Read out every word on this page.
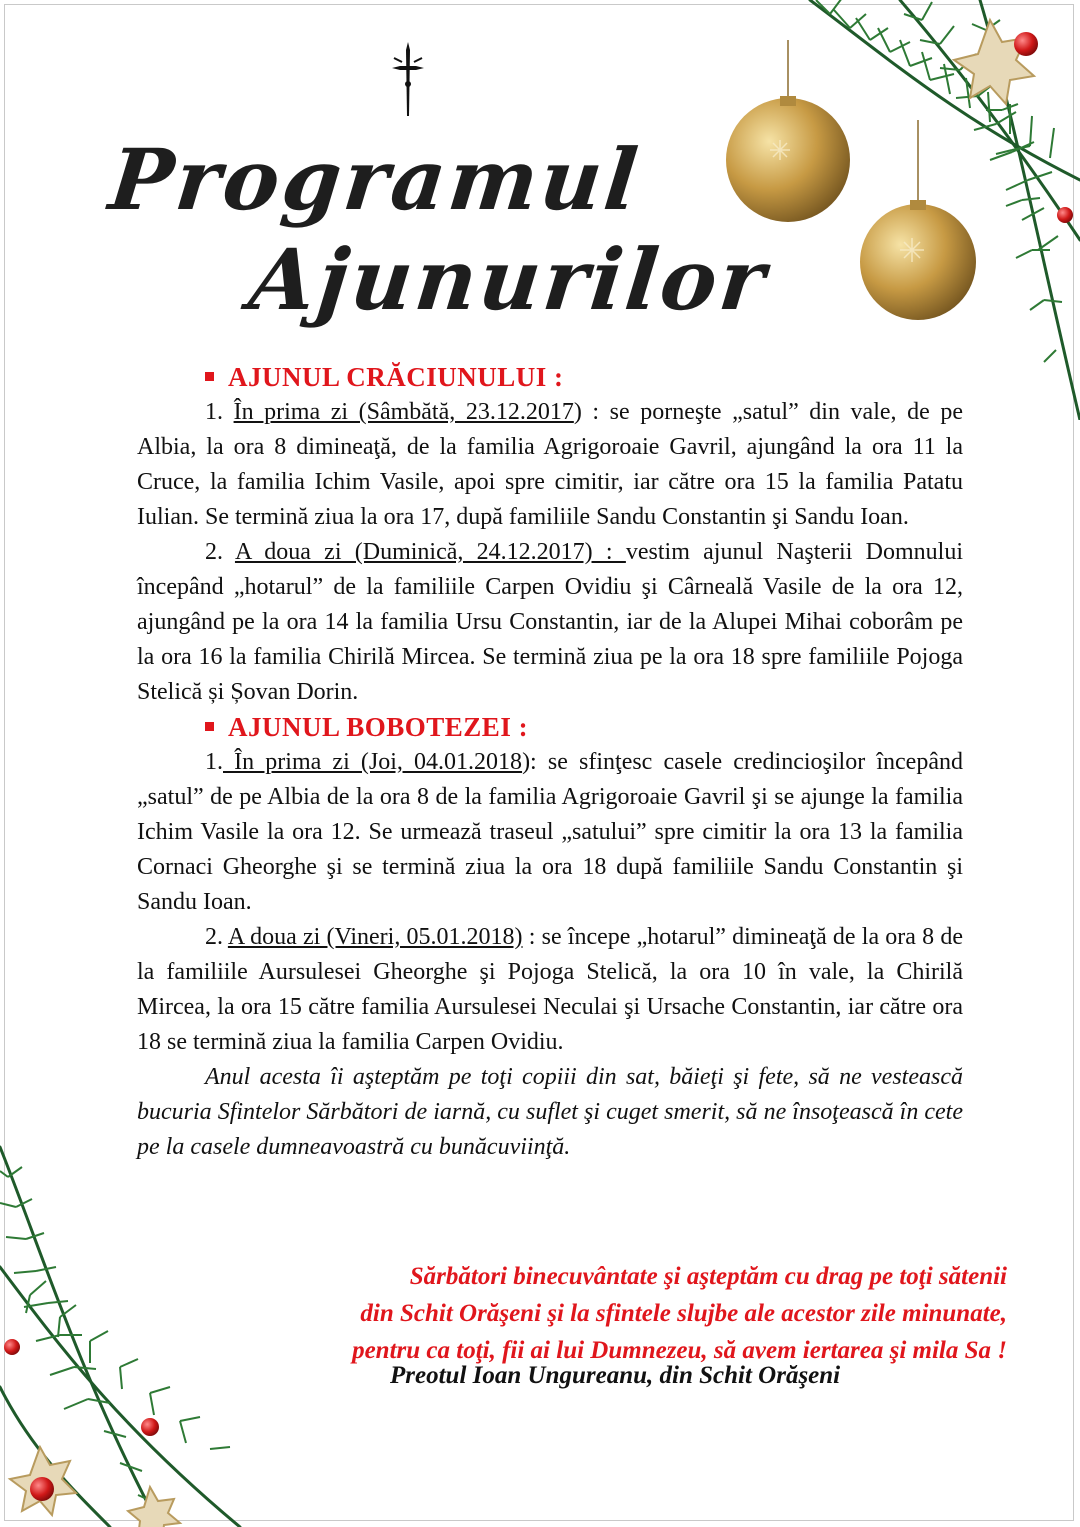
Programul
Ajunurilor
AJUNUL CRĂCIUNULUI :

1. În prima zi (Sâmbătă, 23.12.2017) : se porneşte „satul” din vale, de pe Albia, la ora 8 dimineaţă, de la familia Agrigoroaie Gavril, ajungând la ora 11 la Cruce, la familia Ichim Vasile, apoi spre cimitir, iar către ora 15 la familia Patatu Iulian. Se termină ziua la ora 17, după familiile Sandu Constantin şi Sandu Ioan.

2. A doua zi (Duminică, 24.12.2017) : vestim ajunul Naşterii Domnului începând „hotarul” de la familiile Carpen Ovidiu şi Cârneală Vasile de la ora 12, ajungând pe la ora 14 la familia Ursu Constantin, iar de la Alupei Mihai coborâm pe la ora 16 la familia Chirilă Mircea. Se termină ziua pe la ora 18 spre familiile Pojoga Stelică și Șovan Dorin.

AJUNUL BOBOTEZEI :

1. În prima zi (Joi, 04.01.2018): se sfinţesc casele credincioşilor începând „satul” de pe Albia de la ora 8 de la familia Agrigoroaie Gavril şi se ajunge la familia Ichim Vasile la ora 12. Se urmează traseul „satului” spre cimitir la ora 13 la familia Cornaci Gheorghe şi se termină ziua la ora 18 după familiile Sandu Constantin şi Sandu Ioan.

2. A doua zi (Vineri, 05.01.2018) : se începe „hotarul” dimineaţă de la ora 8 de la familiile Aursulesei Gheorghe şi Pojoga Stelică, la ora 10 în vale, la Chirilă Mircea, la ora 15 către familia Aursulesei Neculai şi Ursache Constantin, iar către ora 18 se termină ziua la familia Carpen Ovidiu.

Anul acesta îi aşteptăm pe toţi copiii din sat, băieţi şi fete, să ne vestească bucuria Sfintelor Sărbători de iarnă, cu suflet şi cuget smerit, să ne însoţească în cete pe la casele dumneavoastră cu bunăcuviinţă.

Sărbători binecuvântate şi aşteptăm cu drag pe toţi sătenii
din Schit Orăşeni şi la sfintele slujbe ale acestor zile minunate,
pentru ca toţi, fii ai lui Dumnezeu, să avem iertarea şi mila Sa !
Preotul Ioan Ungureanu, din Schit Orăşeni
